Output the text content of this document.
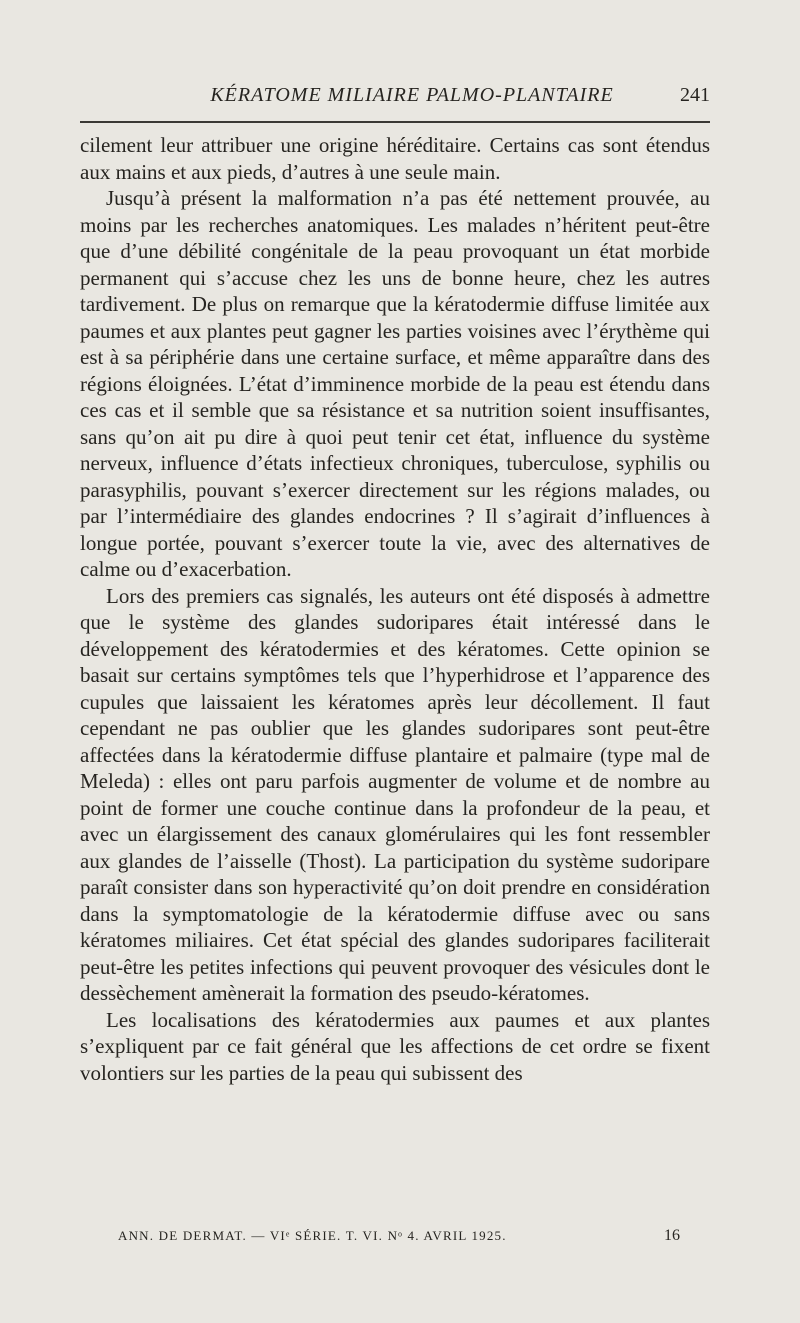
KÉRATOME MILIAIRE PALMO-PLANTAIRE	241

cilement leur attribuer une origine héréditaire. Certains cas sont étendus aux mains et aux pieds, d’autres à une seule main.

Jusqu’à présent la malformation n’a pas été nettement prouvée, au moins par les recherches anatomiques. Les malades n’héritent peut-être que d’une débilité congénitale de la peau provoquant un état morbide permanent qui s’accuse chez les uns de bonne heure, chez les autres tardivement. De plus on remarque que la kératodermie diffuse limitée aux paumes et aux plantes peut gagner les parties voisines avec l’érythème qui est à sa périphérie dans une certaine surface, et même apparaître dans des régions éloignées. L’état d’imminence morbide de la peau est étendu dans ces cas et il semble que sa résistance et sa nutrition soient insuffisantes, sans qu’on ait pu dire à quoi peut tenir cet état, influence du système nerveux, influence d’états infectieux chroniques, tuberculose, syphilis ou parasyphilis, pouvant s’exercer directement sur les régions malades, ou par l’intermédiaire des glandes endocrines ? Il s’agirait d’influences à longue portée, pouvant s’exercer toute la vie, avec des alternatives de calme ou d’exacerbation.

Lors des premiers cas signalés, les auteurs ont été disposés à admettre que le système des glandes sudoripares était intéressé dans le développement des kératodermies et des kératomes. Cette opinion se basait sur certains symptômes tels que l’hyperhidrose et l’apparence des cupules que laissaient les kératomes après leur décollement. Il faut cependant ne pas oublier que les glandes sudoripares sont peut-être affectées dans la kératodermie diffuse plantaire et palmaire (type mal de Meleda) : elles ont paru parfois augmenter de volume et de nombre au point de former une couche continue dans la profondeur de la peau, et avec un élargissement des canaux glomérulaires qui les font ressembler aux glandes de l’aisselle (Thost). La participation du système sudoripare paraît consister dans son hyperactivité qu’on doit prendre en considération dans la symptomatologie de la kératodermie diffuse avec ou sans kératomes miliaires. Cet état spécial des glandes sudoripares faciliterait peut-être les petites infections qui peuvent provoquer des vésicules dont le dessèchement amènerait la formation des pseudo-kératomes.

Les localisations des kératodermies aux paumes et aux plantes s’expliquent par ce fait général que les affections de cet ordre se fixent volontiers sur les parties de la peau qui subissent des

ANN. DE DERMAT. — VIᵉ SÉRIE. T. VI. Nᵒ 4. AVRIL 1925.	16
